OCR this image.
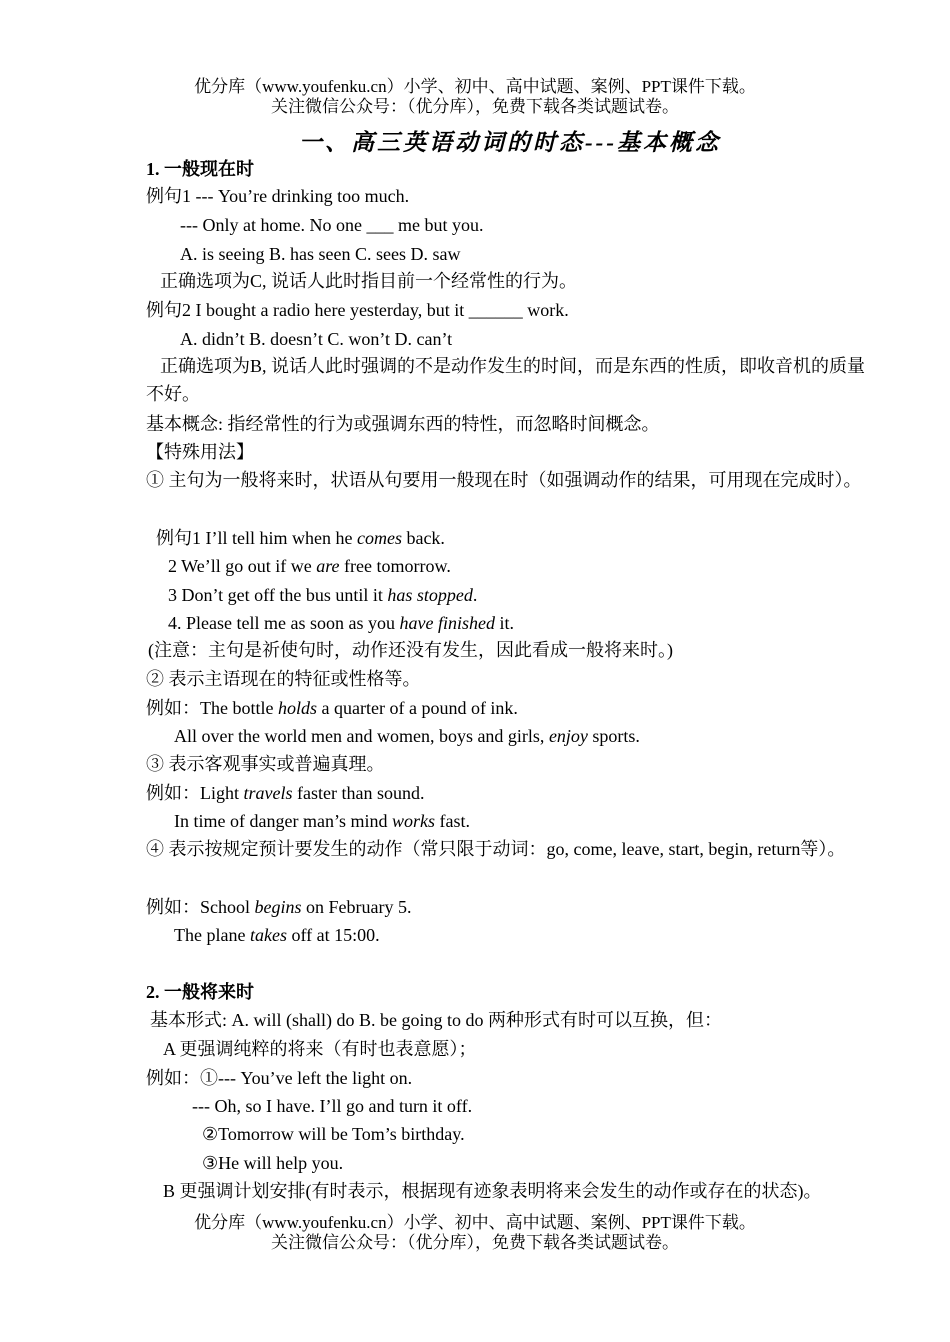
优分库（www.youfenku.cn）小学、初中、高中试题、案例、PPT课件下载。
关注微信公众号：（优分库），免费下载各类试题试卷。
一、高三英语动词的时态---基本概念
1. 一般现在时
例句1 --- You’re drinking too much.
--- Only at home. No one ___ me but you.
A. is seeing B. has seen C. sees D. saw
正确选项为C, 说话人此时指目前一个经常性的行为。
例句2 I bought a radio here yesterday, but it ______ work.
A. didn’t B. doesn’t C. won’t D. can’t
正确选项为B, 说话人此时强调的不是动作发生的时间，而是东西的性质，即收音机的质量不好。
基本概念: 指经常性的行为或强调东西的特性，而忽略时间概念。
【特殊用法】
① 主句为一般将来时，状语从句要用一般现在时（如强调动作的结果，可用现在完成时）。
例句1 I’ll tell him when he comes back.
2 We’ll go out if we are free tomorrow.
3 Don’t get off the bus until it has stopped.
4. Please tell me as soon as you have finished it.
(注意：主句是祈使句时，动作还没有发生，因此看成一般将来时。)
② 表示主语现在的特征或性格等。
例如：The bottle holds a quarter of a pound of ink.
All over the world men and women, boys and girls, enjoy sports.
③ 表示客观事实或普遍真理。
例如：Light travels faster than sound.
In time of danger man’s mind works fast.
④ 表示按规定预计要发生的动作（常只限于动词：go, come, leave, start, begin, return等）。
例如：School begins on February 5.
The plane takes off at 15:00.
2. 一般将来时
基本形式: A. will (shall) do B. be going to do 两种形式有时可以互换，但：
A 更强调纯粹的将来（有时也表意愿）；
例如：①--- You’ve left the light on.
--- Oh, so I have. I’ll go and turn it off.
②Tomorrow will be Tom’s birthday.
③He will help you.
B 更强调计划安排(有时表示，根据现有迹象表明将来会发生的动作或存在的状态)。
优分库（www.youfenku.cn）小学、初中、高中试题、案例、PPT课件下载。
关注微信公众号：（优分库），免费下载各类试题试卷。
